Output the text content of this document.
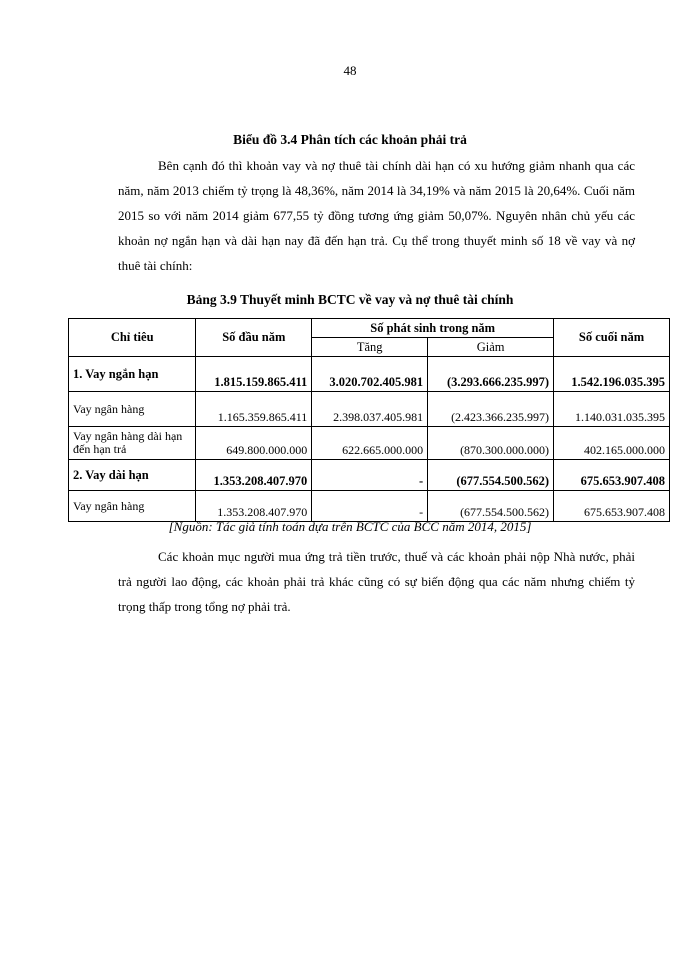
48
Biểu đồ 3.4 Phân tích các khoản phải trả

Bên cạnh đó thì khoản vay và nợ thuê tài chính dài hạn có xu hướng giảm nhanh qua các năm, năm 2013 chiếm tỷ trọng là 48,36%, năm 2014 là 34,19% và năm 2015 là 20,64%. Cuối năm 2015 so với năm 2014 giảm 677,55 tỷ đồng tương ứng giảm 50,07%. Nguyên nhân chủ yếu các khoản nợ ngắn hạn và dài hạn nay đã đến hạn trả. Cụ thể trong thuyết minh số 18 về vay và nợ thuê tài chính:

Bảng 3.9 Thuyết minh BCTC về vay và nợ thuê tài chính
Chỉ tiêu	Số đầu năm	Số phát sinh trong năm		Số cuối năm
		Tăng	Giảm	
1. Vay ngắn hạn	1.815.159.865.411	3.020.702.405.981	(3.293.666.235.997)	1.542.196.035.395
Vay ngân hàng	1.165.359.865.411	2.398.037.405.981	(2.423.366.235.997)	1.140.031.035.395
Vay ngân hàng dài hạn đến hạn trả	649.800.000.000	622.665.000.000	(870.300.000.000)	402.165.000.000
2. Vay dài hạn	1.353.208.407.970	-	(677.554.500.562)	675.653.907.408
Vay ngân hàng	1.353.208.407.970	-	(677.554.500.562)	675.653.907.408
[Nguồn: Tác giả tính toán dựa trên BCTC của BCC năm 2014, 2015]

Các khoản mục người mua ứng trả tiền trước, thuế và các khoản phải nộp Nhà nước, phải trả người lao động, các khoản phải trả khác cũng có sự biến động qua các năm nhưng chiếm tỷ trọng thấp trong tổng nợ phải trả.
